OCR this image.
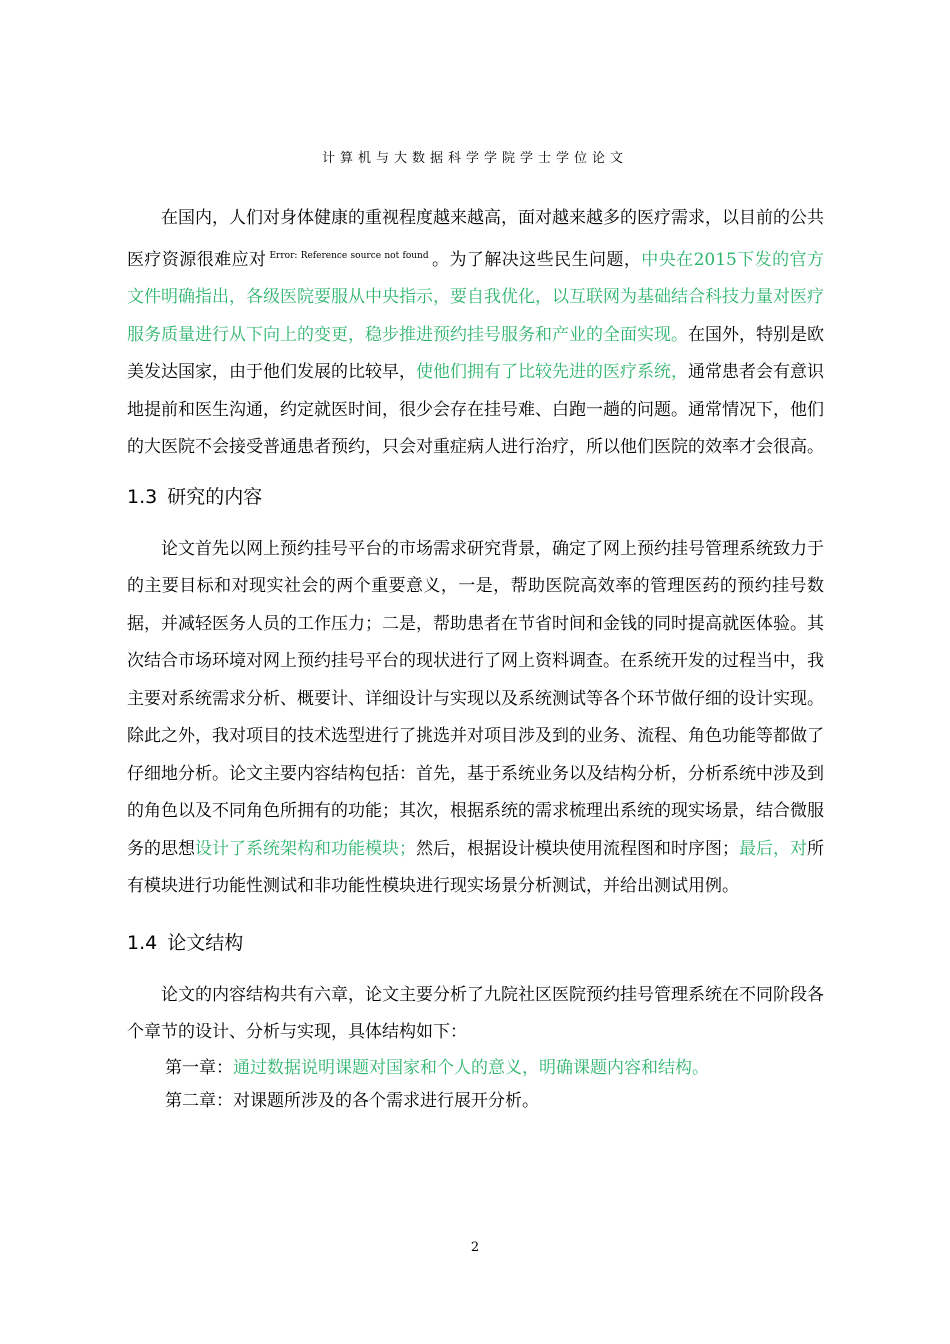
计算机与大数据科学学院学士学位论文

在国内，人们对身体健康的重视程度越来越高，面对越来越多的医疗需求，以目前的公共医疗资源很难应对 $^{Error: Reference source not found}$ 。为了解决这些民生问题，中央在2015下发的官方文件明确指出，各级医院要服从中央指示，要自我优化，以互联网为基础结合科技力量对医疗服务质量进行从下向上的变更，稳步推进预约挂号服务和产业的全面实现。在国外，特别是欧美发达国家，由于他们发展的比较早，使他们拥有了比较先进的医疗系统，通常患者会有意识地提前和医生沟通，约定就医时间，很少会存在挂号难、白跑一趟的问题。通常情况下，他们的大医院不会接受普通患者预约，只会对重症病人进行治疗，所以他们医院的效率才会很高。

1.3 研究的内容

论文首先以网上预约挂号平台的市场需求研究背景，确定了网上预约挂号管理系统致力于的主要目标和对现实社会的两个重要意义，一是，帮助医院高效率的管理医药的预约挂号数据，并减轻医务人员的工作压力；二是，帮助患者在节省时间和金钱的同时提高就医体验。其次结合市场环境对网上预约挂号平台的现状进行了网上资料调查。在系统开发的过程当中，我主要对系统需求分析、概要计、详细设计与实现以及系统测试等各个环节做仔细的设计实现。除此之外，我对项目的技术选型进行了挑选并对项目涉及到的业务、流程、角色功能等都做了仔细地分析。论文主要内容结构包括：首先，基于系统业务以及结构分析，分析系统中涉及到的角色以及不同角色所拥有的功能；其次，根据系统的需求梳理出系统的现实场景，结合微服务的思想设计了系统架构和功能模块；然后，根据设计模块使用流程图和时序图；最后，对所有模块进行功能性测试和非功能性模块进行现实场景分析测试，并给出测试用例。

1.4 论文结构

论文的内容结构共有六章，论文主要分析了九院社区医院预约挂号管理系统在不同阶段各个章节的设计、分析与实现，具体结构如下：

第一章：通过数据说明课题对国家和个人的意义，明确课题内容和结构。

第二章：对课题所涉及的各个需求进行展开分析。

2
